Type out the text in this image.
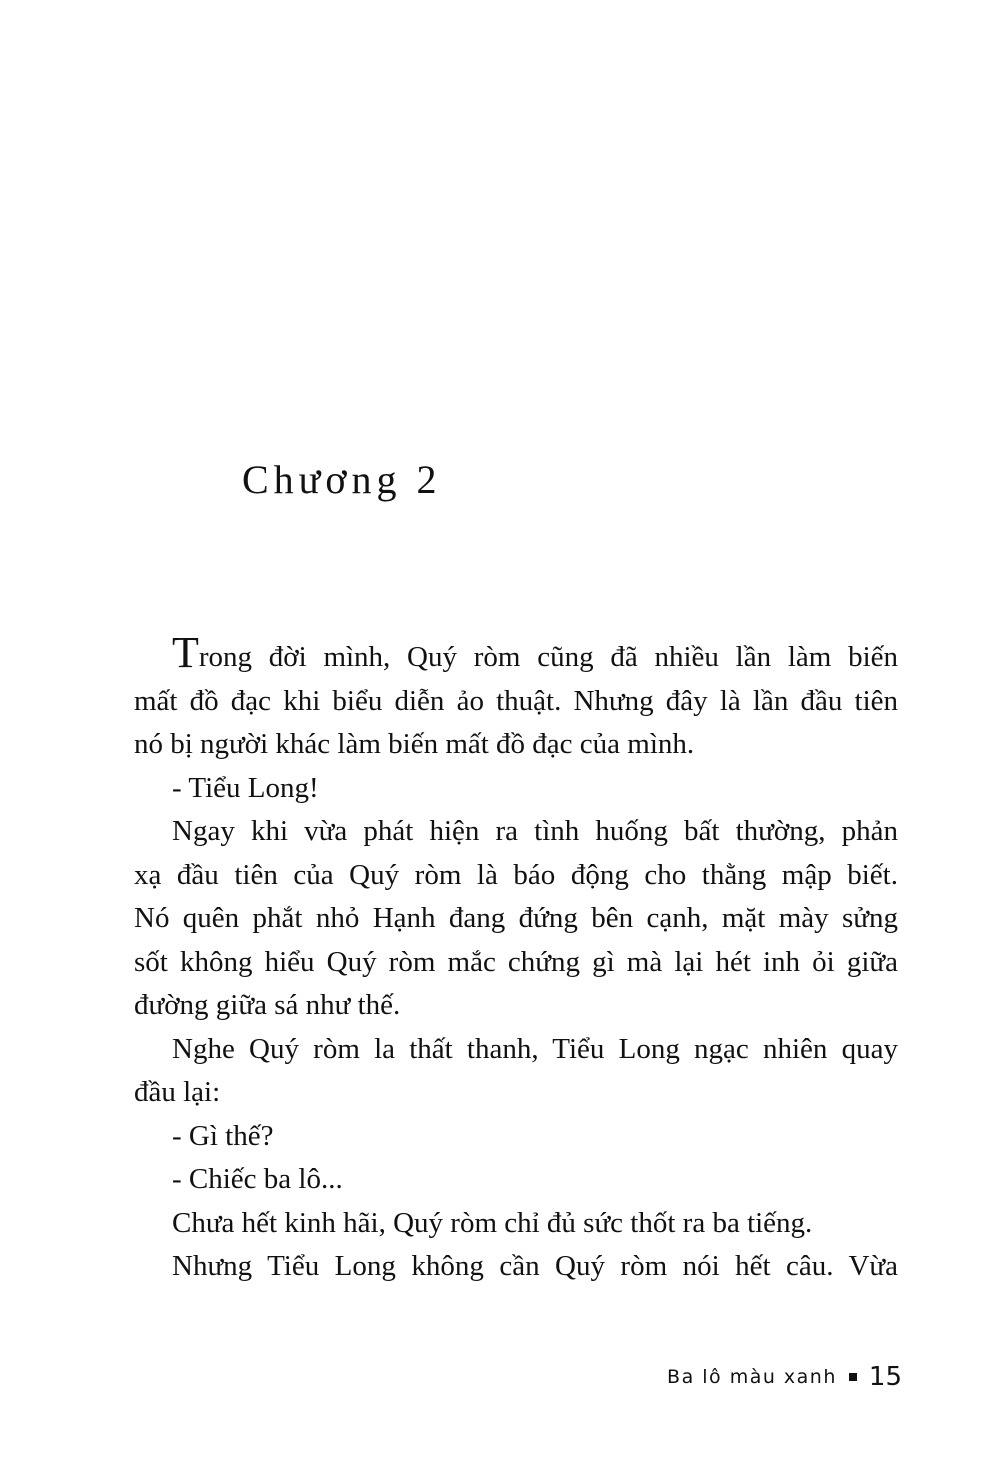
Chương 2
Trong đời mình, Quý ròm cũng đã nhiều lần làm biến
mất đồ đạc khi biểu diễn ảo thuật. Nhưng đây là lần đầu tiên
nó bị người khác làm biến mất đồ đạc của mình.
- Tiểu Long!
Ngay khi vừa phát hiện ra tình huống bất thường, phản
xạ đầu tiên của Quý ròm là báo động cho thằng mập biết.
Nó quên phắt nhỏ Hạnh đang đứng bên cạnh, mặt mày sửng
sốt không hiểu Quý ròm mắc chứng gì mà lại hét inh ỏi giữa
đường giữa sá như thế.
Nghe Quý ròm la thất thanh, Tiểu Long ngạc nhiên quay
đầu lại:
- Gì thế?
- Chiếc ba lô...
Chưa hết kinh hãi, Quý ròm chỉ đủ sức thốt ra ba tiếng.
Nhưng Tiểu Long không cần Quý ròm nói hết câu. Vừa
Ba lô màu xanh 15
